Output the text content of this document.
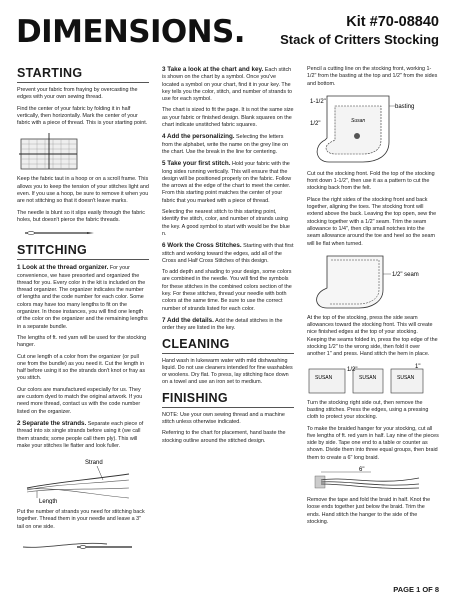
DIMENSIONS.	Kit #70-08840
Stack of Critters Stocking
STARTING

Prevent your fabric from fraying by overcasting the edges with your own sewing thread.

Find the center of your fabric by folding it in half vertically, then horizontally. Mark the center of your fabric with a piece of thread. This is your starting point.

Keep the fabric taut in a hoop or on a scroll frame. This allows you to keep the tension of your stitches light and even. If you use a hoop, be sure to remove it when you are not stitching so that it doesn't leave marks.

The needle is blunt so it slips easily through the fabric holes, but doesn't pierce the fabric threads.

STITCHING

1 Look at the thread organizer. For your convenience, we have presorted and organized the thread for you. Every color in the kit is included on the thread organizer. The organizer indicates the number of lengths and the code number for each color. Some colors may have too many lengths to fit on the organizer. In those instances, you will find one length of the color on the organizer and the remaining lengths in a separate bundle.

The lengths of ft. red yarn will be used for the stocking hanger.

Cut one length of a color from the organizer (or pull one from the bundle) as you need it. Cut the length in half before using it so the strands don't knot or fray as you stitch.

Our colors are manufactured especially for us. They are custom dyed to match the original artwork. If you need more thread, contact us with the code number listed on the organizer.

2 Separate the strands. Separate each piece of thread into six single strands before using it (we call them strands; some people call them ply). This will make your stitches lie flatter and look fuller.

Strand
Length

Put the number of strands you need for stitching back together. Thread them in your needle and leave a 3" tail on one side.

3 Take a look at the chart and key. Each stitch is shown on the chart by a symbol. Once you've located a symbol on your chart, find it in your key. The key tells you the color, stitch, and number of strands to use for each symbol.

The chart is sized to fit the page. It is not the same size as your fabric or finished design. Blank squares on the chart indicate unstitched fabric squares.

4 Add the personalizing. Selecting the letters from the alphabet, write the name on the grey line on the chart. Use the break in the line for centering.

5 Take your first stitch. Hold your fabric with the long sides running vertically. This will ensure that the design will be positioned properly on the fabric. Follow the arrows at the edge of the chart to meet the center. From this starting point matches the center of your fabric that you marked with a piece of thread.

Selecting the nearest stitch to this starting point, identify the stitch, color, and number of strands using the key. A good symbol to start with would be the blue n.

6 Work the Cross Stitches. Starting with that first stitch and working toward the edges, add all of the Cross and Half Cross Stitches of this design.

To add depth and shading to your design, some colors are combined in the needle. You will find the symbols for these stitches in the combined colors section of the key. For these stitches, thread your needle with both colors at the same time. Be sure to use the correct number of strands listed for each color.

7 Add the details. Add the detail stitches in the order they are listed in the key.

CLEANING

Hand wash in lukewarm water with mild dishwashing liquid. Do not use cleaners intended for fine washables or woolens. Dry flat. To press, lay stitching face down on a towel and use an iron set to medium.

FINISHING

NOTE: Use your own sewing thread and a machine stitch unless otherwise indicated.

Referring to the chart for placement, hand baste the stocking outline around the stitched design.

Pencil a cutting line on the stocking front, working 1-1/2" from the basting at the top and 1/2" from the sides and bottom.

Susan
1-1/2"
basting
1/2"

Cut out the stocking front. Fold the top of the stocking front down 1-1/2", then use it as a pattern to cut the stocking back from the felt.

Place the right sides of the stocking front and back together, aligning the toes. The stocking front will extend above the back. Leaving the top open, sew the stocking together with a 1/2" seam. Trim the seam allowance to 1/4", then clip small notches into the seam allowance around the toe and heel so the seam will lie flat when turned.

1/2" seam

At the top of the stocking, press the side seam allowances toward the stocking front. This will create nice finished edges at the top of your stocking. Keeping the seams folded in, press the top edge of the stocking 1/2" to the wrong side, then fold it over another 1" and press. Hand stitch the hem in place.

SUSAN	SUSAN	SUSAN
1/2"	1"

Turn the stocking right side out, then remove the basting stitches. Press the edges, using a pressing cloth to protect your stocking.

To make the braided hanger for your stocking, cut all five lengths of ft. red yarn in half. Lay nine of the pieces side by side. Tape one end to a table or counter as shown. Divide them into three equal groups, then braid them to create a 6" long braid.

6"

Remove the tape and fold the braid in half. Knot the loose ends together just below the braid. Trim the ends. Hand stitch the hanger to the side of the stocking.

PAGE 1 OF 8
